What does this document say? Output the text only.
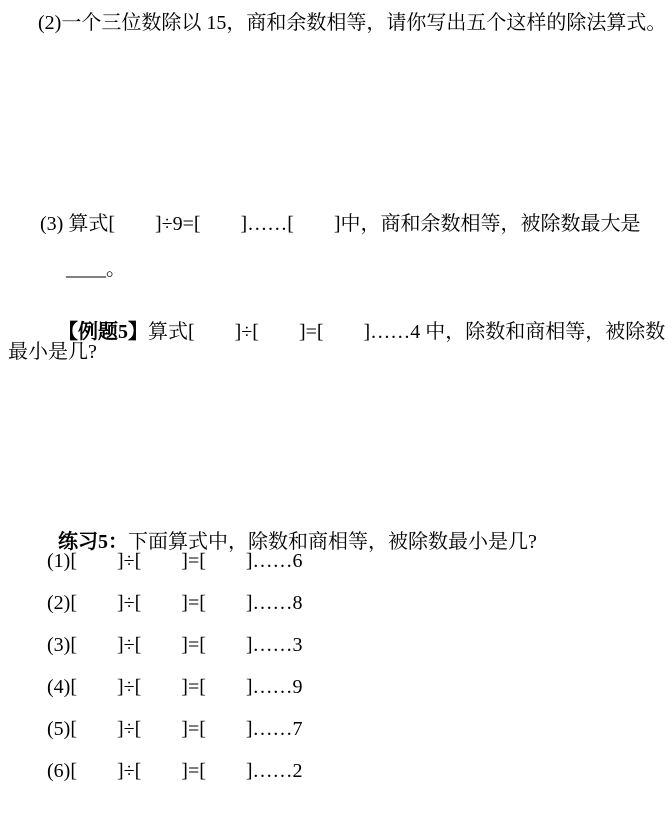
(2)一个三位数除以 15，商和余数相等，请你写出五个这样的除法算式。
(3) 算式[        ]÷9=[        ]……[        ]中，商和余数相等，被除数最大是
____。

【例题5】算式[        ]÷[        ]=[        ]……4 中，除数和商相等，被除数

最小是几?

练习5：下面算式中，除数和商相等，被除数最小是几?

(1)[        ]÷[        ]=[        ]……6
(2)[        ]÷[        ]=[        ]……8
(3)[        ]÷[        ]=[        ]……3
(4)[        ]÷[        ]=[        ]……9
(5)[        ]÷[        ]=[        ]……7
(6)[        ]÷[        ]=[        ]……2
